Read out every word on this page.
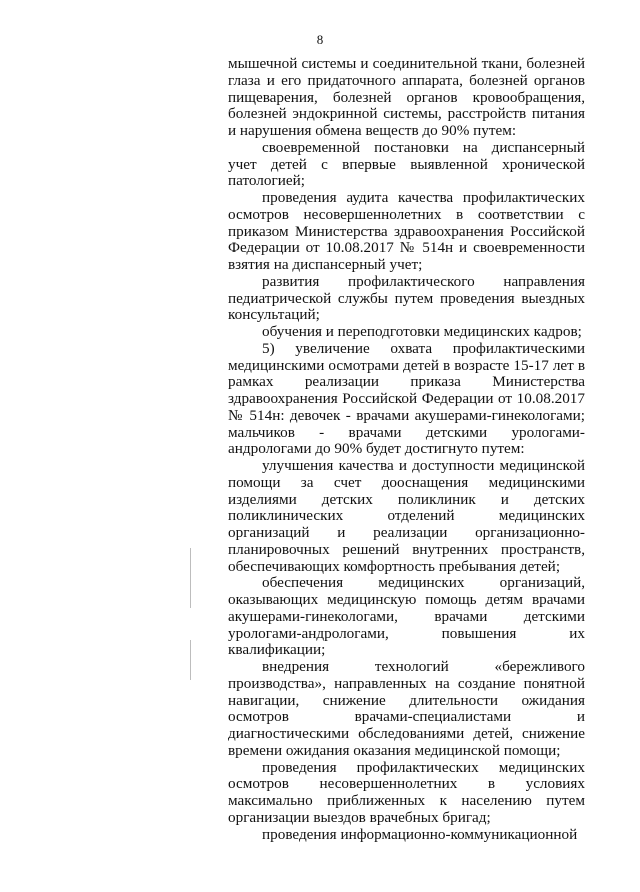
8

мышечной системы и соединительной ткани, болезней глаза и его придаточного аппарата, болезней органов пищеварения, болезней органов кровообращения, болезней эндокринной системы, расстройств питания и нарушения обмена веществ до 90% путем:

своевременной постановки на диспансерный учет детей с впервые выявленной хронической патологией;

проведения аудита качества профилактических осмотров несовершеннолетних в соответствии с приказом Министерства здравоохранения Российской Федерации от 10.08.2017 № 514н и своевременности взятия на диспансерный учет;

развития профилактического направления педиатрической службы путем проведения выездных консультаций;

обучения и переподготовки медицинских кадров;

5) увеличение охвата профилактическими медицинскими осмотрами детей в возрасте 15-17 лет в рамках реализации приказа Министерства здравоохранения Российской Федерации от 10.08.2017 № 514н: девочек - врачами акушерами-гинекологами; мальчиков - врачами детскими урологами-андрологами до 90% будет достигнуто путем:

улучшения качества и доступности медицинской помощи за счет дооснащения медицинскими изделиями детских поликлиник и детских поликлинических отделений медицинских организаций и реализации организационно-планировочных решений внутренних пространств, обеспечивающих комфортность пребывания детей;

обеспечения медицинских организаций, оказывающих медицинскую помощь детям врачами акушерами-гинекологами, врачами детскими урологами-андрологами, повышения их квалификации;

внедрения технологий «бережливого производства», направленных на создание понятной навигации, снижение длительности ожидания осмотров врачами-специалистами и диагностическими обследованиями детей, снижение времени ожидания оказания медицинской помощи;

проведения профилактических медицинских осмотров несовершеннолетних в условиях максимально приближенных к населению путем организации выездов врачебных бригад;

проведения информационно-коммуникационной
